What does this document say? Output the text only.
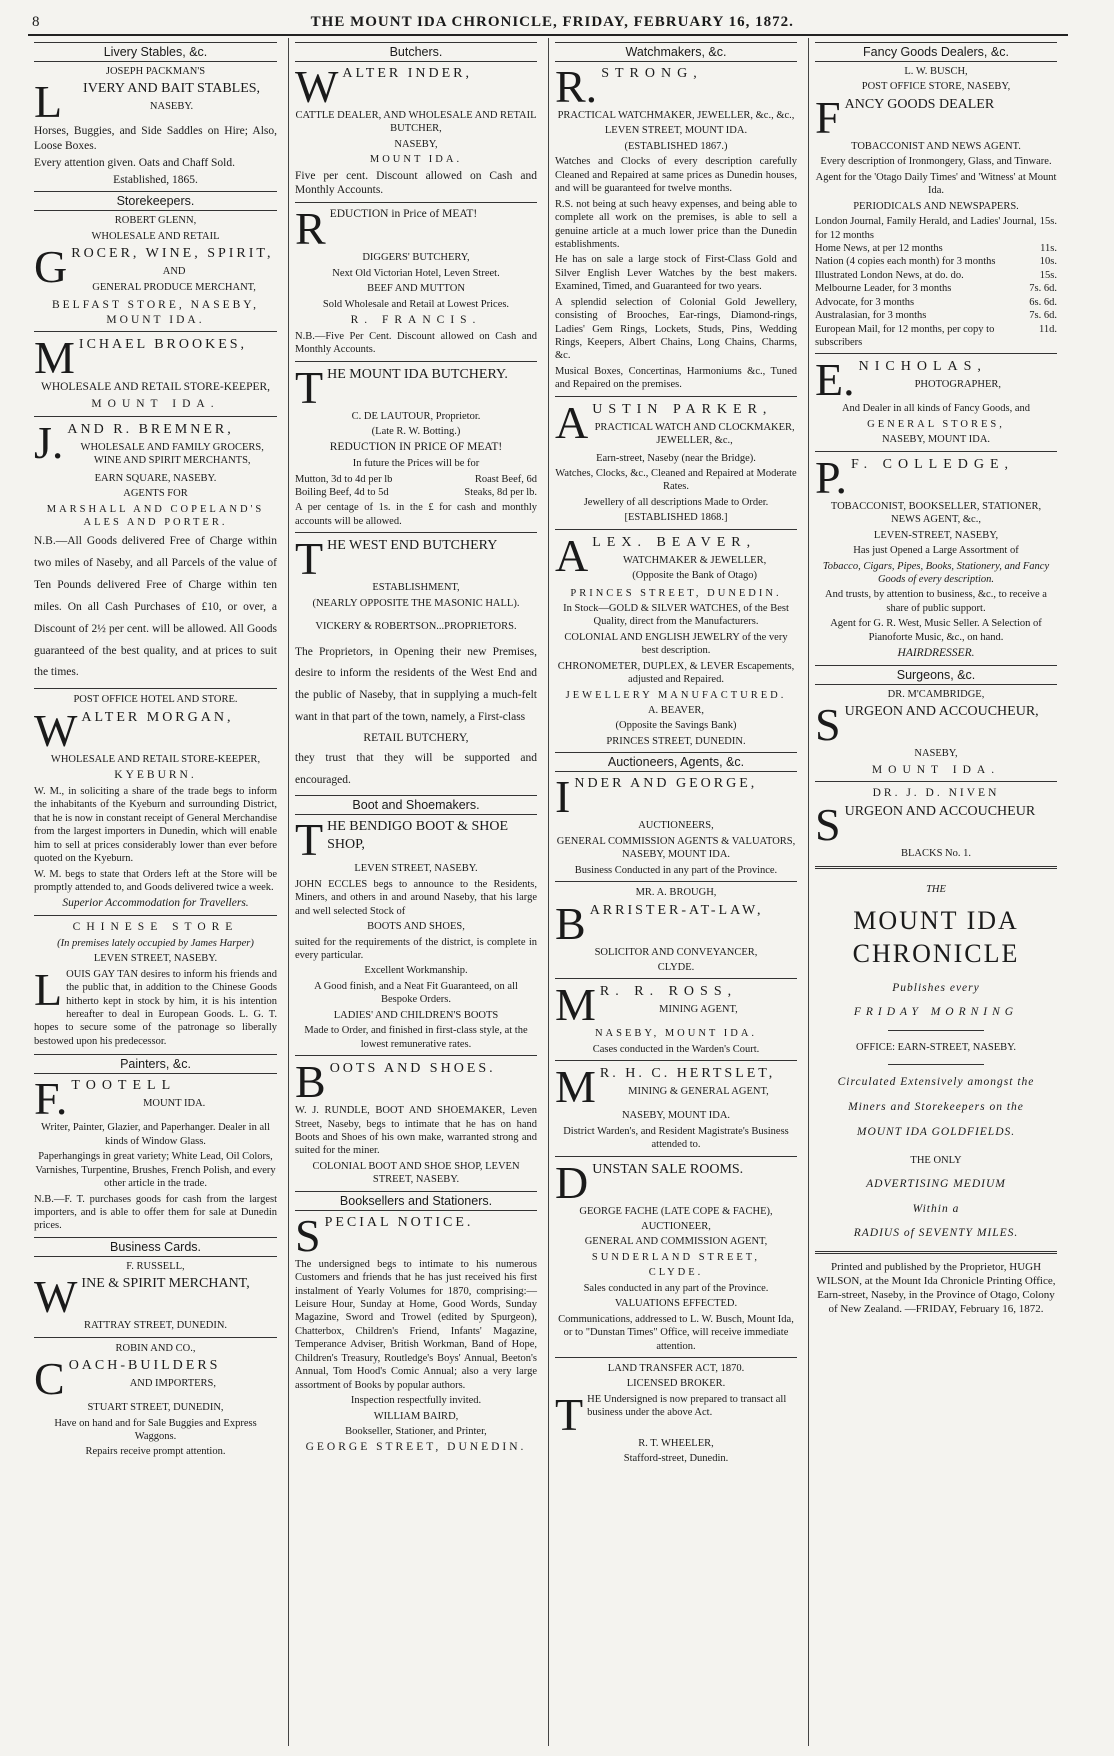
8	THE MOUNT IDA CHRONICLE, FRIDAY, FEBRUARY 16, 1872.
Livery Stables, &c.

JOSEPH PACKMAN'S

L IVERY AND BAIT STABLES,

NASEBY.

Horses, Buggies, and Side Saddles on Hire; Also, Loose Boxes.

Every attention given. Oats and Chaff Sold.

Established, 1865.

Storekeepers.

ROBERT GLENN,

WHOLESALE AND RETAIL

GROCER, WINE, SPIRIT,

AND

GENERAL PRODUCE MERCHANT,

BELFAST STORE, NASEBY, MOUNT IDA.

MICHAEL BROOKES,

WHOLESALE AND RETAIL STORE-KEEPER,

MOUNT IDA.

J. AND R. BREMNER,

WHOLESALE AND FAMILY GROCERS, WINE AND SPIRIT MERCHANTS,

EARN SQUARE, NASEBY.

AGENTS FOR

MARSHALL AND COPELAND'S ALES AND PORTER.

N.B.—All Goods delivered Free of Charge within two miles of Naseby, and all Parcels of the value of Ten Pounds delivered Free of Charge within ten miles. On all Cash Purchases of £10, or over, a Discount of 2½ per cent. will be allowed. All Goods guaranteed of the best quality, and at prices to suit the times.

POST OFFICE HOTEL AND STORE.

WALTER MORGAN,

WHOLESALE AND RETAIL STORE-KEEPER,

KYEBURN.

W. M., in soliciting a share of the trade begs to inform the inhabitants of the Kyeburn and surrounding District, that he is now in constant receipt of General Merchandise from the largest importers in Dunedin, which will enable him to sell at prices considerably lower than ever before quoted on the Kyeburn.

W. M. begs to state that Orders left at the Store will be promptly attended to, and Goods delivered twice a week.

Superior Accommodation for Travellers.

CHINESE STORE

(In premises lately occupied by James Harper)

LEVEN STREET, NASEBY.

LOUIS GAY TAN desires to inform his friends and the public that, in addition to the Chinese Goods hitherto kept in stock by him, it is his intention hereafter to deal in European Goods. L. G. T. hopes to secure some of the patronage so liberally bestowed upon his predecessor.

Painters, &c.

F. TOOTELL

MOUNT IDA.

Writer, Painter, Glazier, and Paperhanger. Dealer in all kinds of Window Glass.

Paperhangings in great variety; White Lead, Oil Colors, Varnishes, Turpentine, Brushes, French Polish, and every other article in the trade.

N.B.—F. T. purchases goods for cash from the largest importers, and is able to offer them for sale at Dunedin prices.

Business Cards.

F. RUSSELL,

WINE & SPIRIT MERCHANT,

RATTRAY STREET, DUNEDIN.

ROBIN AND CO.,

COACH-BUILDERS

AND IMPORTERS,

STUART STREET, DUNEDIN,

Have on hand and for Sale Buggies and Express Waggons.

Repairs receive prompt attention.

Butchers.

WALTER INDER,

CATTLE DEALER, AND WHOLESALE AND RETAIL BUTCHER,

NASEBY,

MOUNT IDA.

Five per cent. Discount allowed on Cash and Monthly Accounts.

REDUCTION in Price of MEAT!

DIGGERS' BUTCHERY,

Next Old Victorian Hotel, Leven Street.

BEEF AND MUTTON

Sold Wholesale and Retail at Lowest Prices.

R. FRANCIS.

N.B.—Five Per Cent. Discount allowed on Cash and Monthly Accounts.

THE MOUNT IDA BUTCHERY.

C. DE LAUTOUR, Proprietor.

(Late R. W. Botting.)

REDUCTION IN PRICE OF MEAT!

In future the Prices will be for

Mutton, 3d to 4d per lb	Roast Beef, 6d
Boiling Beef, 4d to 5d	Steaks, 8d per lb.

A per centage of 1s. in the £ for cash and monthly accounts will be allowed.

THE WEST END BUTCHERY

ESTABLISHMENT,

(NEARLY OPPOSITE THE MASONIC HALL).

VICKERY & ROBERTSON...PROPRIETORS.

The Proprietors, in Opening their new Premises, desire to inform the residents of the West End and the public of Naseby, that in supplying a much-felt want in that part of the town, namely, a First-class

RETAIL BUTCHERY,

they trust that they will be supported and encouraged.

Boot and Shoemakers.

THE BENDIGO BOOT & SHOE SHOP,

LEVEN STREET, NASEBY.

JOHN ECCLES begs to announce to the Residents, Miners, and others in and around Naseby, that his large and well selected Stock of

BOOTS AND SHOES,

suited for the requirements of the district, is complete in every particular.

Excellent Workmanship.

A Good finish, and a Neat Fit Guaranteed, on all Bespoke Orders.

LADIES' AND CHILDREN'S BOOTS

Made to Order, and finished in first-class style, at the lowest remunerative rates.

BOOTS AND SHOES.

W. J. RUNDLE, BOOT AND SHOEMAKER, Leven Street, Naseby, begs to intimate that he has on hand Boots and Shoes of his own make, warranted strong and suited for the miner.

COLONIAL BOOT AND SHOE SHOP, LEVEN STREET, NASEBY.

Booksellers and Stationers.

SPECIAL NOTICE.

The undersigned begs to intimate to his numerous Customers and friends that he has just received his first instalment of Yearly Volumes for 1870, comprising:—Leisure Hour, Sunday at Home, Good Words, Sunday Magazine, Sword and Trowel (edited by Spurgeon), Chatterbox, Children's Friend, Infants' Magazine, Temperance Adviser, British Workman, Band of Hope, Children's Treasury, Routledge's Boys' Annual, Beeton's Annual, Tom Hood's Comic Annual; also a very large assortment of Books by popular authors.

Inspection respectfully invited.

WILLIAM BAIRD,

Bookseller, Stationer, and Printer,

GEORGE STREET, DUNEDIN.

Watchmakers, &c.

R. STRONG,

PRACTICAL WATCHMAKER, JEWELLER, &c., &c.,

LEVEN STREET, MOUNT IDA.

(ESTABLISHED 1867.)

Watches and Clocks of every description carefully Cleaned and Repaired at same prices as Dunedin houses, and will be guaranteed for twelve months.

R.S. not being at such heavy expenses, and being able to complete all work on the premises, is able to sell a genuine article at a much lower price than the Dunedin establishments.

He has on sale a large stock of First-Class Gold and Silver English Lever Watches by the best makers. Examined, Timed, and Guaranteed for two years.

A splendid selection of Colonial Gold Jewellery, consisting of Brooches, Ear-rings, Diamond-rings, Ladies' Gem Rings, Lockets, Studs, Pins, Wedding Rings, Keepers, Albert Chains, Long Chains, Charms, &c.

Musical Boxes, Concertinas, Harmoniums &c., Tuned and Repaired on the premises.

AUSTIN PARKER,

PRACTICAL WATCH AND CLOCKMAKER, JEWELLER, &c.,

Earn-street, Naseby (near the Bridge).

Watches, Clocks, &c., Cleaned and Repaired at Moderate Rates.

Jewellery of all descriptions Made to Order.

[ESTABLISHED 1868.]

ALEX. BEAVER,

WATCHMAKER & JEWELLER,

(Opposite the Bank of Otago)

PRINCES STREET, DUNEDIN.

In Stock—GOLD & SILVER WATCHES, of the Best Quality, direct from the Manufacturers.

COLONIAL AND ENGLISH JEWELRY of the very best description.

CHRONOMETER, DUPLEX, & LEVER Escapements, adjusted and Repaired.

JEWELLERY MANUFACTURED.

A. BEAVER,

(Opposite the Savings Bank)

PRINCES STREET, DUNEDIN.

Auctioneers, Agents, &c.

INDER AND GEORGE,

AUCTIONEERS,

GENERAL COMMISSION AGENTS & VALUATORS, NASEBY, MOUNT IDA.

Business Conducted in any part of the Province.

MR. A. BROUGH,

BARRISTER-AT-LAW,

SOLICITOR AND CONVEYANCER,

CLYDE.

M R. R. ROSS,

MINING AGENT,

NASEBY, MOUNT IDA.

Cases conducted in the Warden's Court.

M R. H. C. HERTSLET,

MINING & GENERAL AGENT,

NASEBY, MOUNT IDA.

District Warden's, and Resident Magistrate's Business attended to.

DUNSTAN SALE ROOMS.

GEORGE FACHE (LATE COPE & FACHE),

AUCTIONEER,

GENERAL AND COMMISSION AGENT,

SUNDERLAND STREET,

CLYDE.

Sales conducted in any part of the Province.

VALUATIONS EFFECTED.

Communications, addressed to L. W. Busch, Mount Ida, or to "Dunstan Times" Office, will receive immediate attention.

LAND TRANSFER ACT, 1870.

LICENSED BROKER.

THE Undersigned is now prepared to transact all business under the above Act.

R. T. WHEELER,

Stafford-street, Dunedin.

Fancy Goods Dealers, &c.

L. W. BUSCH,

POST OFFICE STORE, NASEBY,

FANCY GOODS DEALER

TOBACCONIST AND NEWS AGENT.

Every description of Ironmongery, Glass, and Tinware.

Agent for the 'Otago Daily Times' and 'Witness' at Mount Ida.

PERIODICALS AND NEWSPAPERS.

London Journal, Family Herald, and Ladies' Journal, for 12 months
15s.
Home News, at per 12 months	11s.
Nation (4 copies each month) for 3 months	10s.
Illustrated London News, at do. do.	15s.
Melbourne Leader, for 3 months	7s. 6d.
Advocate, for 3 months	6s. 6d.
Australasian, for 3 months	7s. 6d.
European Mail, for 12 months, per copy to subscribers
11d.

E. NICHOLAS,

PHOTOGRAPHER,

And Dealer in all kinds of Fancy Goods, and

GENERAL STORES,

NASEBY, MOUNT IDA.

P. F. COLLEDGE,

TOBACCONIST, BOOKSELLER, STATIONER, NEWS AGENT, &c.,

LEVEN-STREET, NASEBY,

Has just Opened a Large Assortment of

Tobacco, Cigars, Pipes, Books, Stationery, and Fancy Goods of every description.

And trusts, by attention to business, &c., to receive a share of public support.

Agent for G. R. West, Music Seller. A Selection of Pianoforte Music, &c., on hand.

HAIRDRESSER.

Surgeons, &c.

DR. M'CAMBRIDGE,

SURGEON AND ACCOUCHEUR,

NASEBY,

MOUNT IDA.

DR. J. D. NIVEN

SURGEON AND ACCOUCHEUR

BLACKS No. 1.

THE

MOUNT IDA CHRONICLE

Publishes every

FRIDAY MORNING

OFFICE: EARN-STREET, NASEBY.

Circulated Extensively amongst the

Miners and Storekeepers on the

MOUNT IDA GOLDFIELDS.

THE ONLY

ADVERTISING MEDIUM

Within a

RADIUS of SEVENTY MILES.

Printed and published by the Proprietor, HUGH WILSON, at the Mount Ida Chronicle Printing Office, Earn-street, Naseby, in the Province of Otago, Colony of New Zealand. —FRIDAY, February 16, 1872.
